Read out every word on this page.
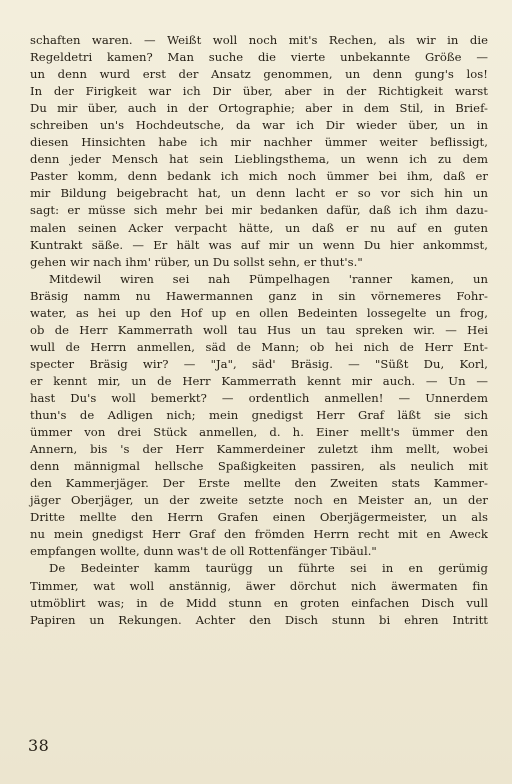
schaften waren. — Weißt woll noch mit's Rechen, als wir in die

Regeldetri kamen? Man suche die vierte unbekannte Größe —

un denn wurd erst der Ansatz genommen, un denn gung's los!

In der Firigkeit war ich Dir über, aber in der Richtigkeit warst

Du mir über, auch in der Ortographie; aber in dem Stil, in Brief-

schreiben un's Hochdeutsche, da war ich Dir wieder über, un in

diesen Hinsichten habe ich mir nachher ümmer weiter beflissigt,

denn jeder Mensch hat sein Lieblingsthema, un wenn ich zu dem

Paster komm, denn bedank ich mich noch ümmer bei ihm, daß er

mir Bildung beigebracht hat, un denn lacht er so vor sich hin un

sagt: er müsse sich mehr bei mir bedanken dafür, daß ich ihm dazu-

malen seinen Acker verpacht hätte, un daß er nu auf en guten

Kuntrakt säße. — Er hält was auf mir un wenn Du hier ankommst,

gehen wir nach ihm' rüber, un Du sollst sehn, er thut's."

Mitdewil wiren sei nah Pümpelhagen 'ranner kamen, un

Bräsig namm nu Hawermannen ganz in sin vörnemeres Fohr-

water, as hei up den Hof up en ollen Bedeinten lossegelte un frog,

ob de Herr Kammerrath woll tau Hus un tau spreken wir. — Hei

wull de Herrn anmellen, säd de Mann; ob hei nich de Herr Ent-

specter Bräsig wir? — "Ja", säd' Bräsig. — "Süßt Du, Korl,

er kennt mir, un de Herr Kammerrath kennt mir auch. — Un —

hast Du's woll bemerkt? — ordentlich anmellen! — Unnerdem

thun's de Adligen nich; mein gnedigst Herr Graf läßt sie sich

ümmer von drei Stück anmellen, d. h. Einer mellt's ümmer den

Annern, bis 's der Herr Kammerdeiner zuletzt ihm mellt, wobei

denn männigmal hellsche Spaßigkeiten passiren, als neulich mit

den Kammerjäger. Der Erste mellte den Zweiten stats Kammer-

jäger Oberjäger, un der zweite setzte noch en Meister an, un der

Dritte mellte den Herrn Grafen einen Oberjägermeister, un als

nu mein gnedigst Herr Graf den frömden Herrn recht mit en Aweck

empfangen wollte, dunn was't de oll Rottenfänger Tibäul."

De Bedeinter kamm taurügg un führte sei in en gerümig

Timmer, wat woll anstännig, äwer dörchut nich äwermaten fin

utmöblirt was; in de Midd stunn en groten einfachen Disch vull

Papiren un Rekungen. Achter den Disch stunn bi ehren Intritt

38
